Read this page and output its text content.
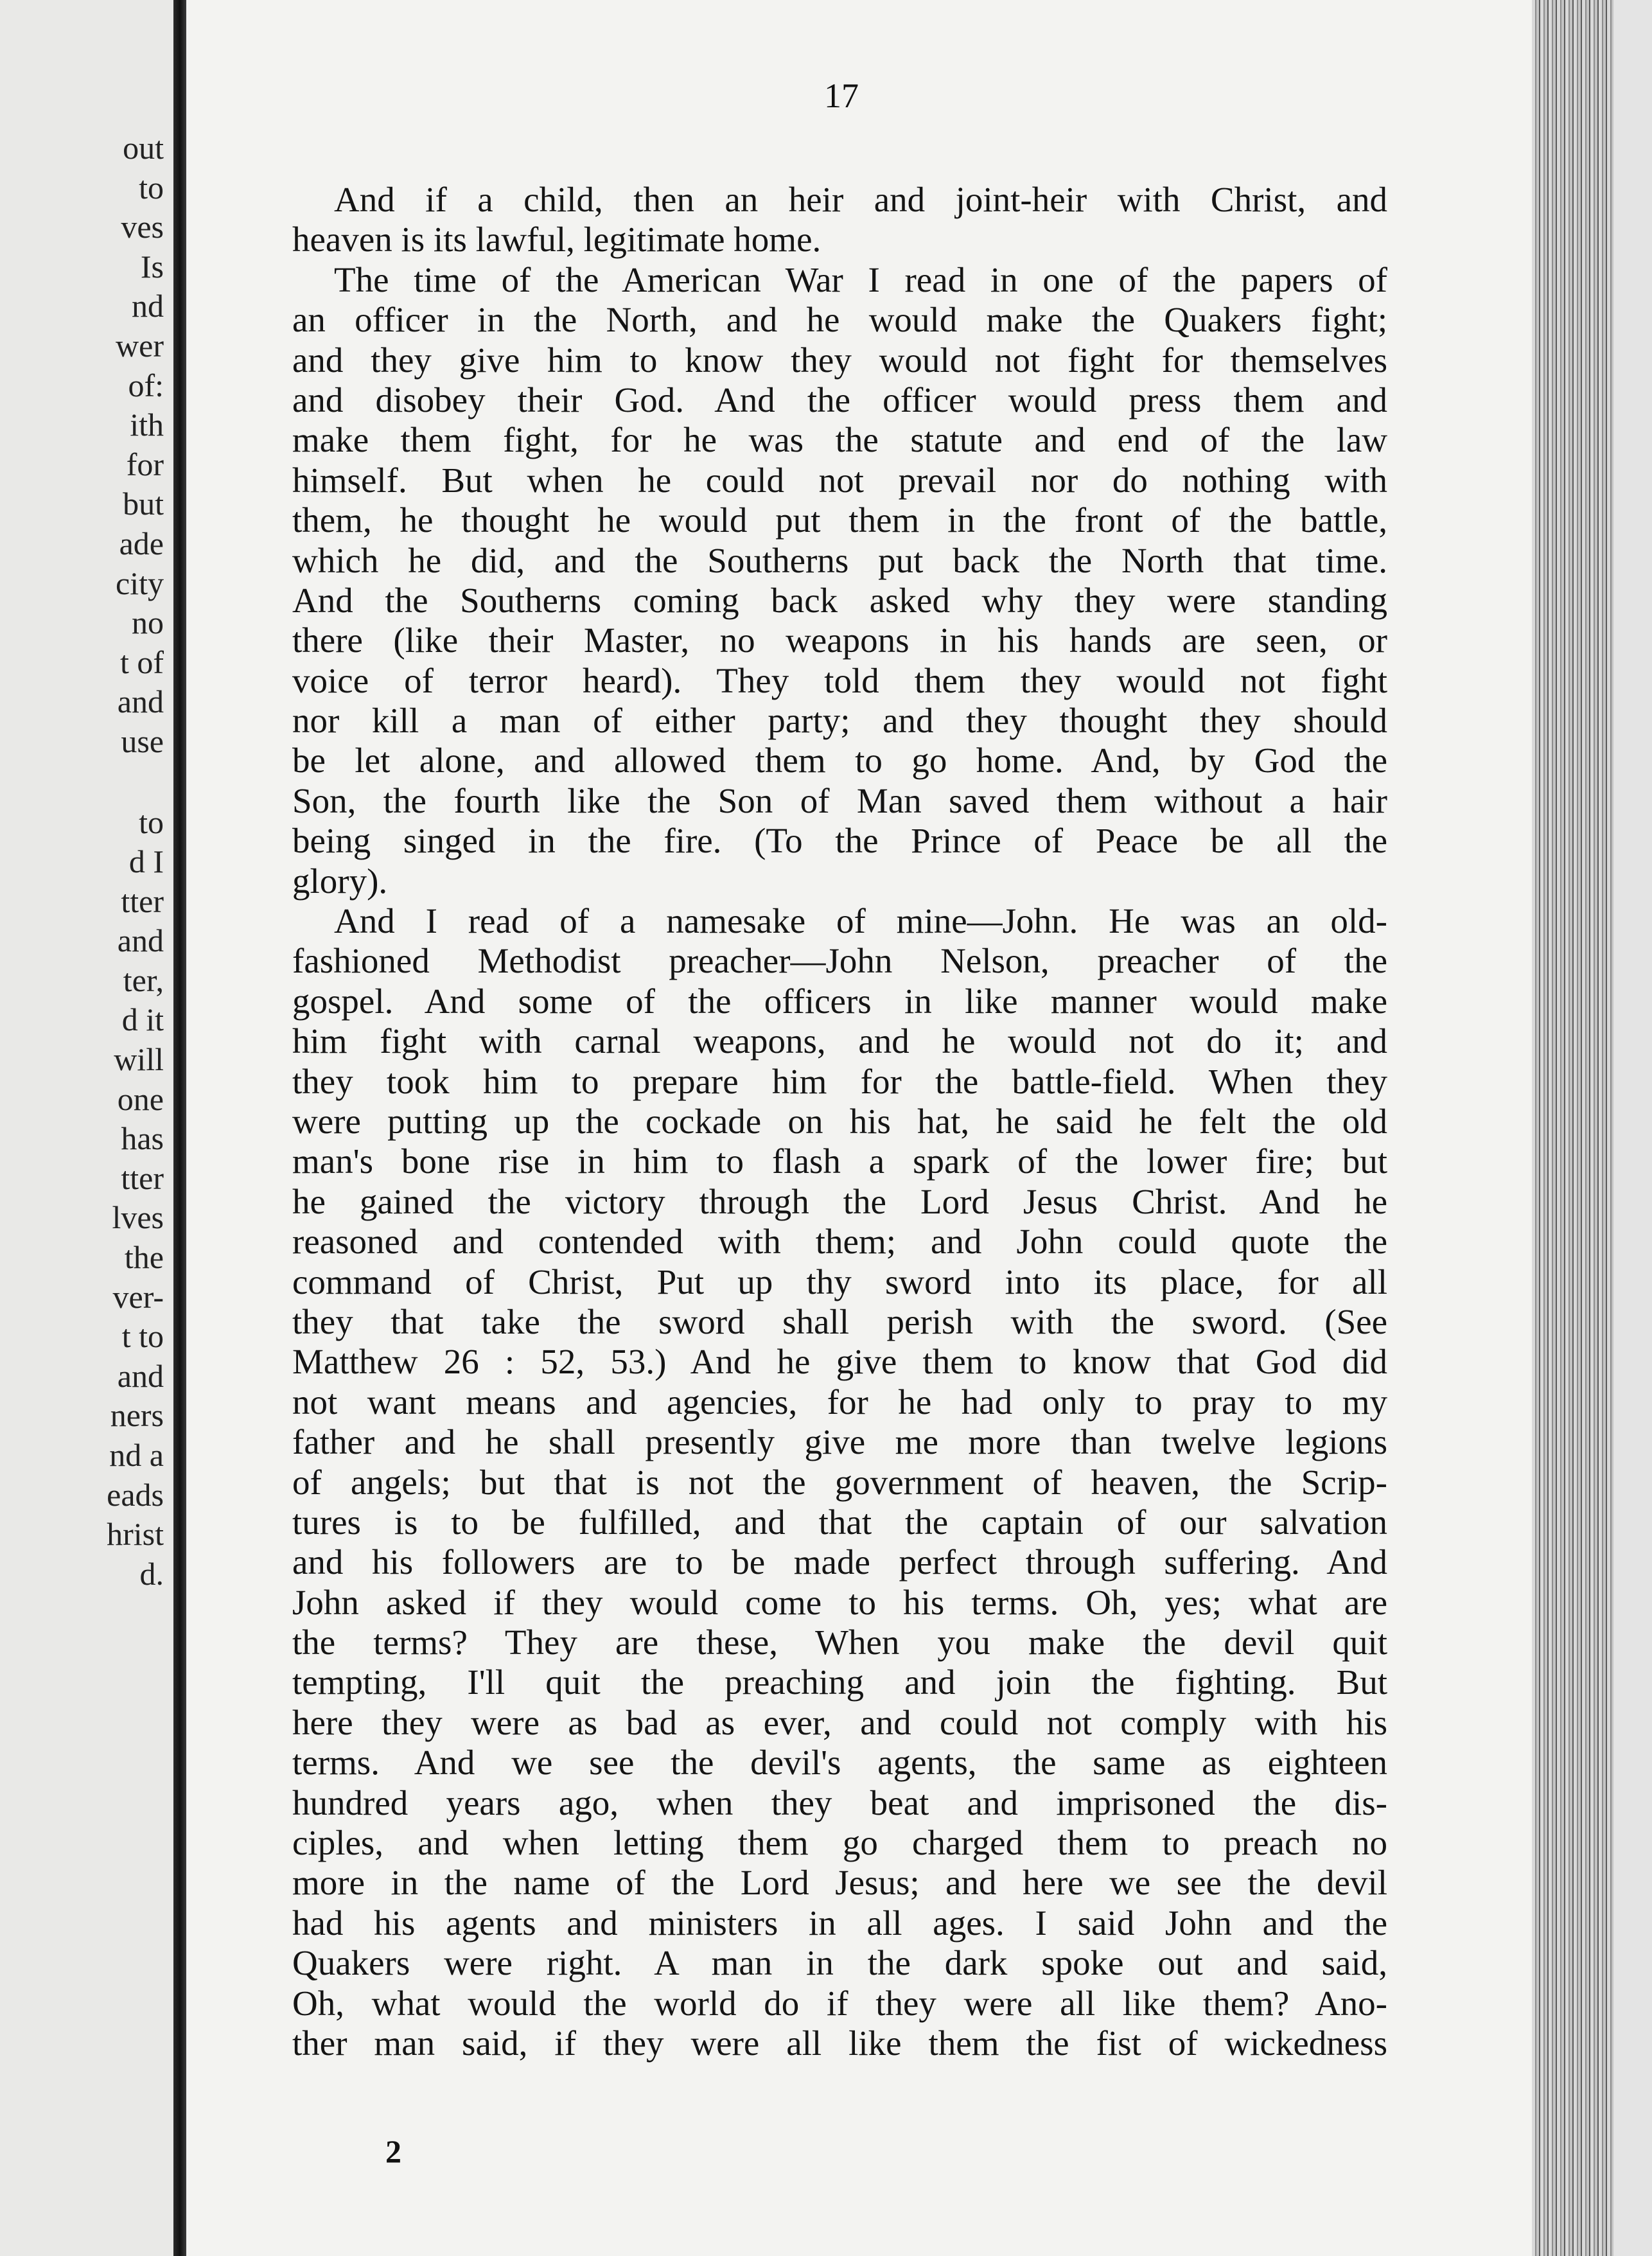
out
to
ves
Is
nd
wer
of:
ith
for
but
ade
city
no
t of
and
use
to
d I
tter
and
ter,
d it
will
one
has
tter
lves
the
ver-
t to
and
ners
nd a
eads
hrist
d.
17
And if a child, then an heir and joint-heir with Christ, and
heaven is its lawful, legitimate home.
The time of the American War I read in one of the papers of
an officer in the North, and he would make the Quakers fight;
and they give him to know they would not fight for themselves
and disobey their God. And the officer would press them and
make them fight, for he was the statute and end of the law
himself. But when he could not prevail nor do nothing with
them, he thought he would put them in the front of the battle,
which he did, and the Southerns put back the North that time.
And the Southerns coming back asked why they were standing
there (like their Master, no weapons in his hands are seen, or
voice of terror heard). They told them they would not fight
nor kill a man of either party; and they thought they should
be let alone, and allowed them to go home. And, by God the
Son, the fourth like the Son of Man saved them without a hair
being singed in the fire. (To the Prince of Peace be all the
glory).
And I read of a namesake of mine—John. He was an old-
fashioned Methodist preacher—John Nelson, preacher of the
gospel. And some of the officers in like manner would make
him fight with carnal weapons, and he would not do it; and
they took him to prepare him for the battle-field. When they
were putting up the cockade on his hat, he said he felt the old
man's bone rise in him to flash a spark of the lower fire; but
he gained the victory through the Lord Jesus Christ. And he
reasoned and contended with them; and John could quote the
command of Christ, Put up thy sword into its place, for all
they that take the sword shall perish with the sword. (See
Matthew 26 : 52, 53.) And he give them to know that God did
not want means and agencies, for he had only to pray to my
father and he shall presently give me more than twelve legions
of angels; but that is not the government of heaven, the Scrip-
tures is to be fulfilled, and that the captain of our salvation
and his followers are to be made perfect through suffering. And
John asked if they would come to his terms. Oh, yes; what are
the terms? They are these, When you make the devil quit
tempting, I'll quit the preaching and join the fighting. But
here they were as bad as ever, and could not comply with his
terms. And we see the devil's agents, the same as eighteen
hundred years ago, when they beat and imprisoned the dis-
ciples, and when letting them go charged them to preach no
more in the name of the Lord Jesus; and here we see the devil
had his agents and ministers in all ages. I said John and the
Quakers were right. A man in the dark spoke out and said,
Oh, what would the world do if they were all like them? Ano-
ther man said, if they were all like them the fist of wickedness
2
